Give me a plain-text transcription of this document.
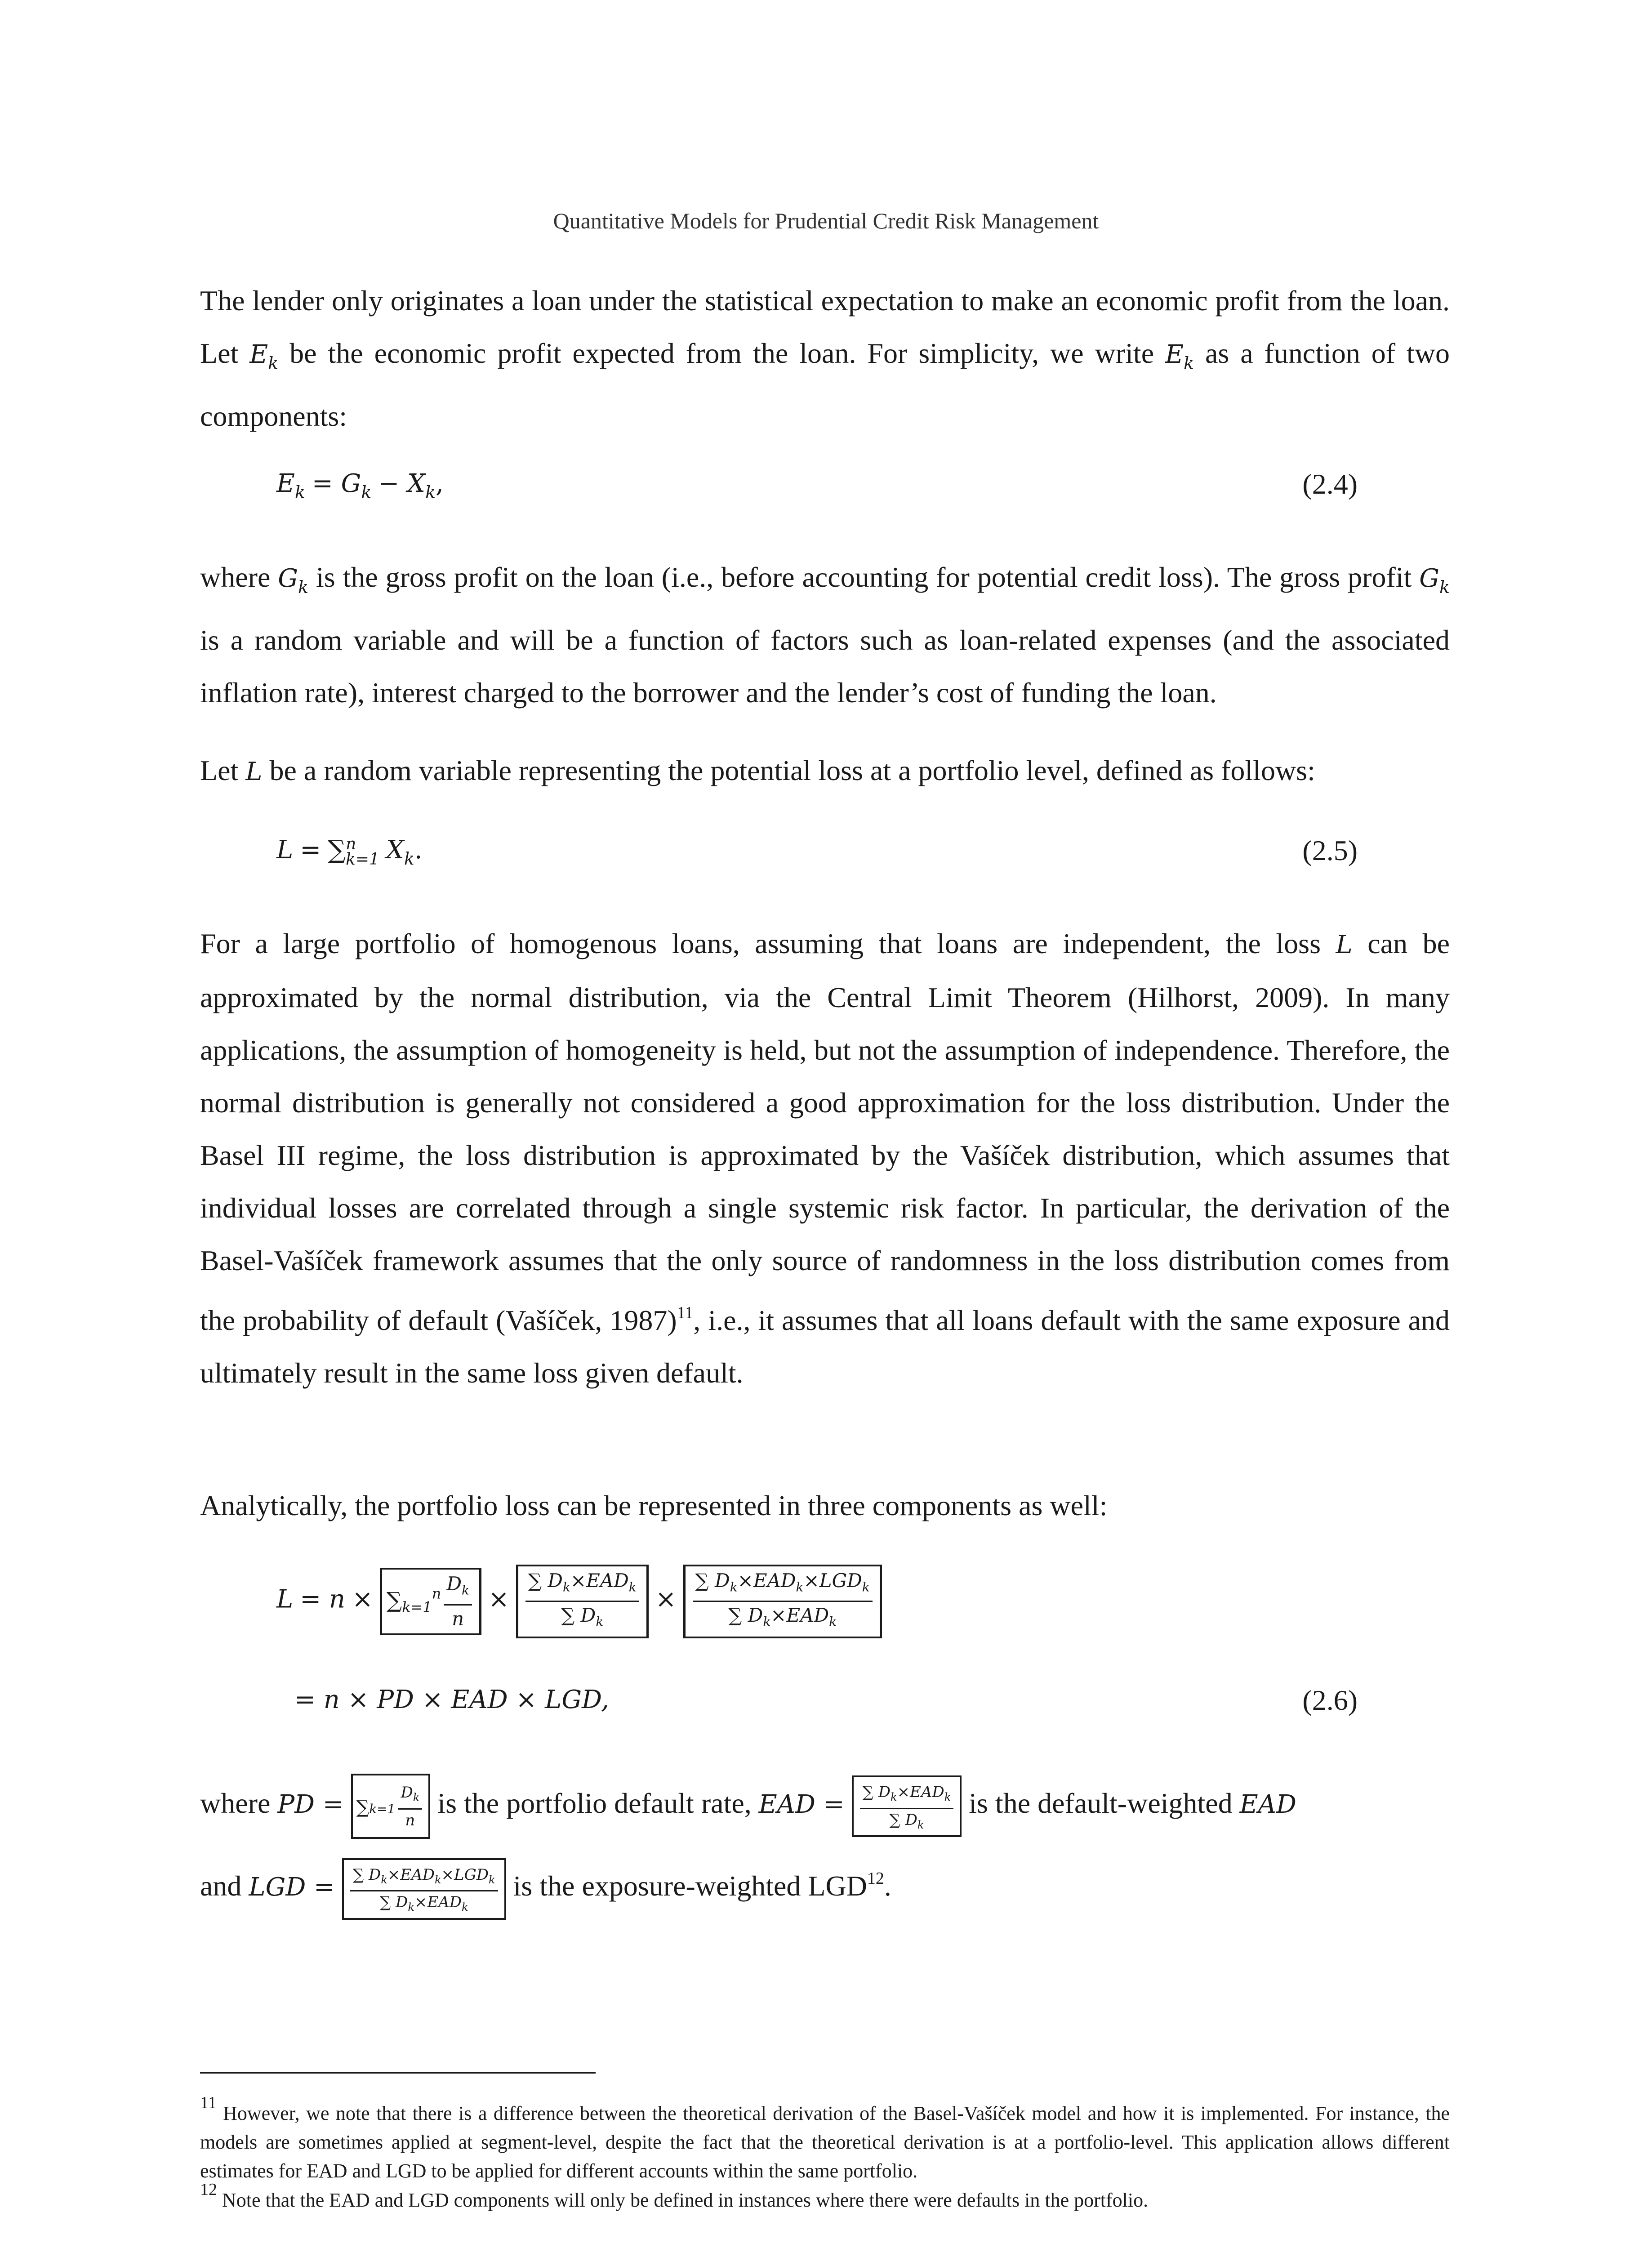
Quantitative Models for Prudential Credit Risk Management
The lender only originates a loan under the statistical expectation to make an economic profit from the loan. Let $E_k$ be the economic profit expected from the loan. For simplicity, we write $E_k$ as a function of two components:
$E_k = G_k - X_k$,	(2.4)
where $G_k$ is the gross profit on the loan (i.e., before accounting for potential credit loss). The gross profit $G_k$ is a random variable and will be a function of factors such as loan-related expenses (and the associated inflation rate), interest charged to the borrower and the lender’s cost of funding the loan.
Let L be a random variable representing the potential loss at a portfolio level, defined as follows:
L = ∑ n
k=1 $X_k$.	(2.5)
For a large portfolio of homogenous loans, assuming that loans are independent, the loss L can be approximated by the normal distribution, via the Central Limit Theorem (Hilhorst, 2009). In many applications, the assumption of homogeneity is held, but not the assumption of independence. Therefore, the normal distribution is generally not considered a good approximation for the loss distribution. Under the Basel III regime, the loss distribution is approximated by the Vašíček distribution, which assumes that individual losses are correlated through a single systemic risk factor. In particular, the derivation of the Basel-Vašíček framework assumes that the only source of randomness in the loss distribution comes from the probability of default (Vašíček, 1987)$^{11}$, i.e., it assumes that all loans default with the same exposure and ultimately result in the same loss given default.
Analytically, the portfolio loss can be represented in three components as well:
$L = n \times \sum k=1^n \frac{D_k}{n} \times \frac{\sum D_k\times EAD_k}{\sum D_k} \times \frac{\sum D_k\times EAD_k\times LGD_k}{\sum D_k\times EAD_k}$
= n × PD × EAD × LGD,	(2.6)
where PD = $\sum k=1 \frac{D_k}{n}$ is the portfolio default rate, EAD = $\frac{\sum D_k\times EAD_k}{\sum D_k}$ is the default-weighted EAD
and LGD = $\frac{\sum D_k\times EAD_k\times LGD_k}{\sum D_k\times EAD_k}$ is the exposure-weighted LGD$^{12}$.
11 However, we note that there is a difference between the theoretical derivation of the Basel-Vašíček model and how it is implemented. For instance, the models are sometimes applied at segment-level, despite the fact that the theoretical derivation is at a portfolio-level. This application allows different estimates for EAD and LGD to be applied for different accounts within the same portfolio.
12 Note that the EAD and LGD components will only be defined in instances where there were defaults in the portfolio.
